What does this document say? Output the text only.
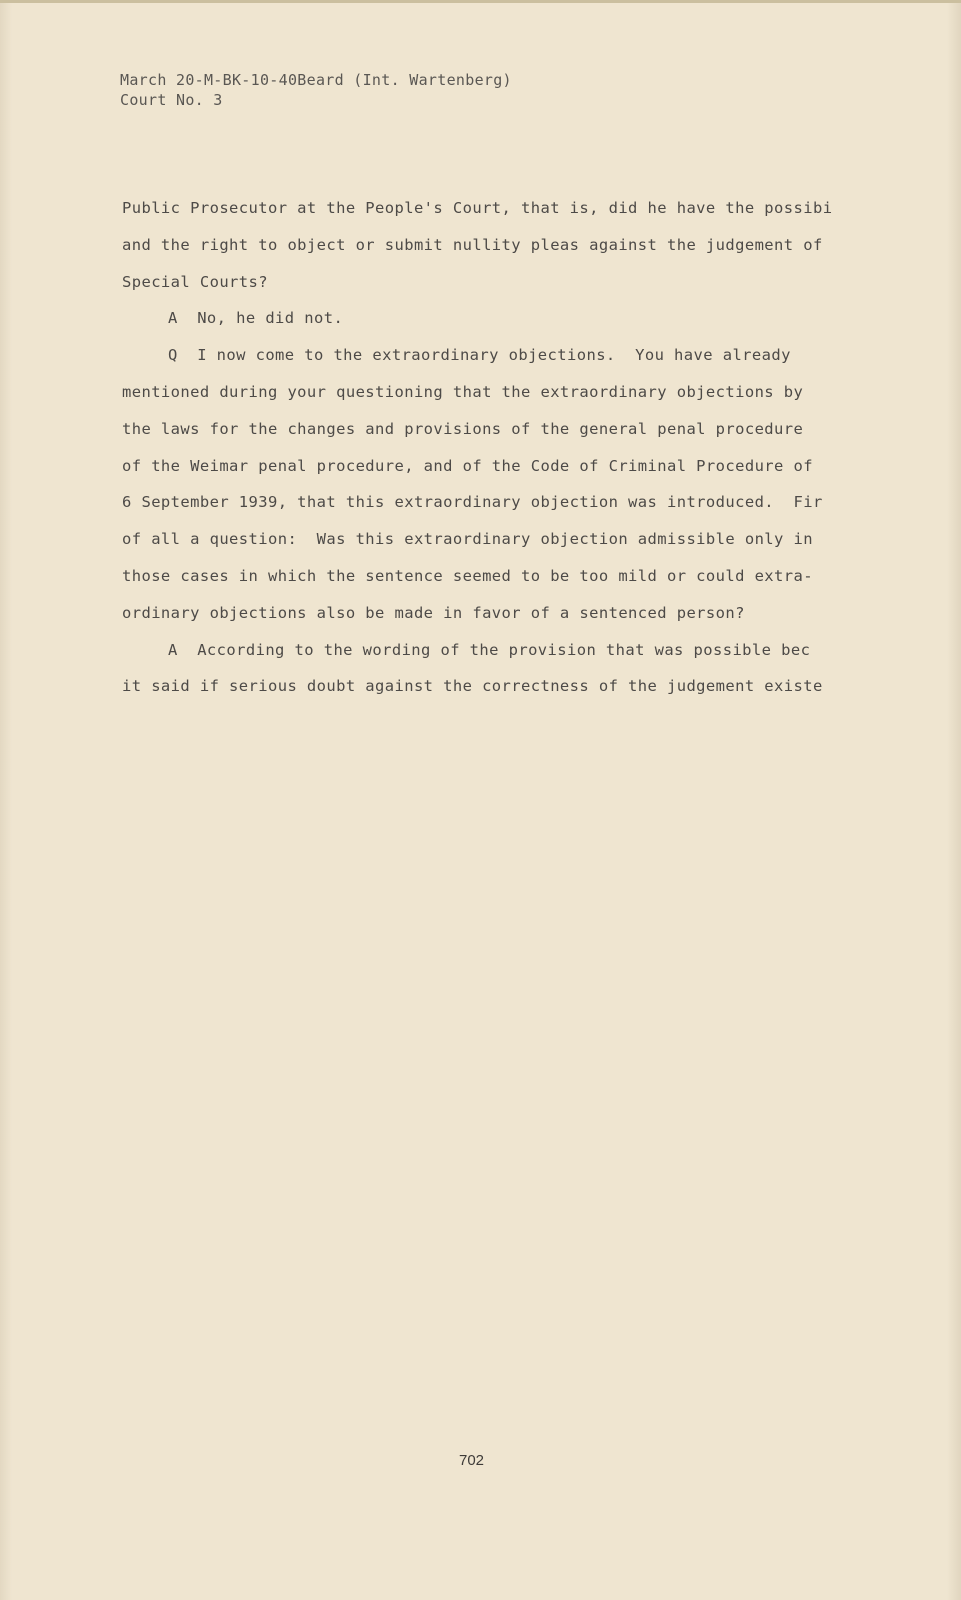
March 20-M-BK-10-40Beard (Int. Wartenberg)
Court No. 3
Public Prosecutor at the People's Court, that is, did he have the possibi
and the right to object or submit nullity pleas against the judgement of
Special Courts?
A  No, he did not.
Q  I now come to the extraordinary objections.  You have already
mentioned during your questioning that the extraordinary objections by
the laws for the changes and provisions of the general penal procedure
of the Weimar penal procedure, and of the Code of Criminal Procedure of
6 September 1939, that this extraordinary objection was introduced.  Fir
of all a question:  Was this extraordinary objection admissible only in
those cases in which the sentence seemed to be too mild or could extra-
ordinary objections also be made in favor of a sentenced person?
A  According to the wording of the provision that was possible bec
it said if serious doubt against the correctness of the judgement existe
702
